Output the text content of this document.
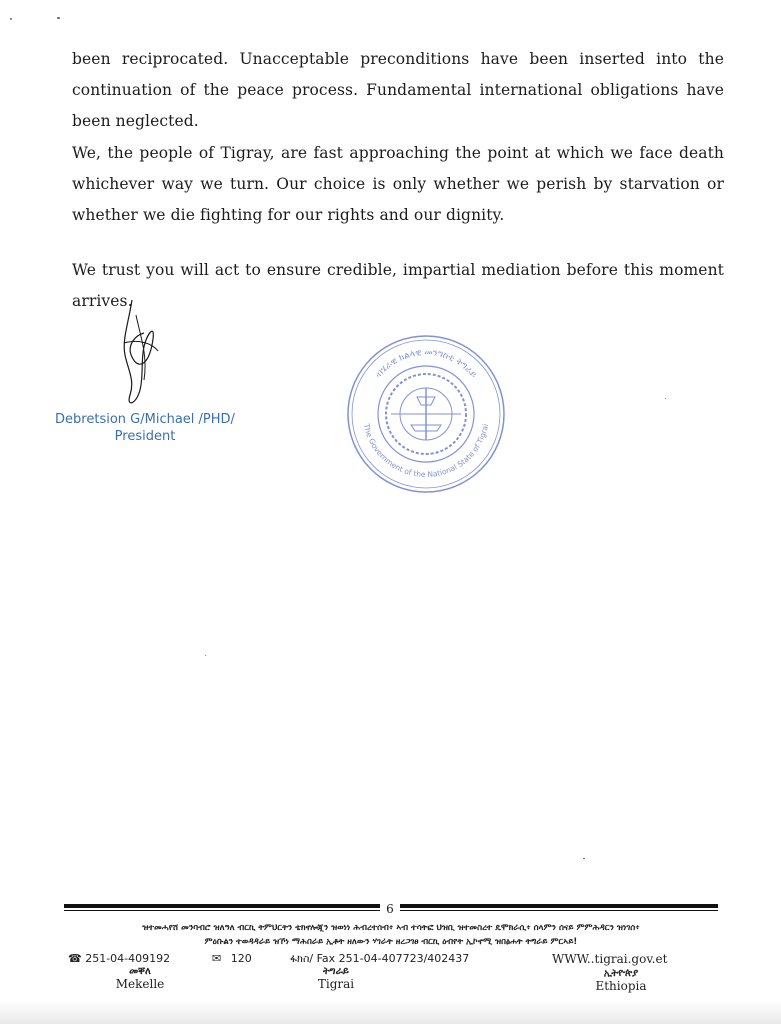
been reciprocated. Unacceptable preconditions have been inserted into the continuation of the peace process. Fundamental international obligations have been neglected.

We, the people of Tigray, are fast approaching the point at which we face death whichever way we turn. Our choice is only whether we perish by starvation or whether we die fighting for our rights and our dignity.

We trust you will act to ensure credible, impartial mediation before this moment arrives.

Debretsion G/Michael /PHD/
President
ብሄራዊ ክልላዊ መንግስቲ ትግራይ
The Government of the National State of Tigrai
6
ዝተመሓየሸ መንባብሮ ዝለዓለ ብርኪ ትምህርትን ቴክኖሎጂን ዝወነነ ሕብረተሰብ፥ ኣብ ተሳትፎ ህዝቢ ዝተመስረተ ዴሞክራሲ፥ ሰላምን ሰናይ ምምሕዳርን ዝነገሰ፥
ምዕቡልን ተወዳዳራይ ዝኾነ ማሕበራይ ኢቶት ዘለውን ሃገራት ዘረጋገፀ ብርኪ ዕብየት ኢኮኖሚ ዝበፅሐት ትግራይ ምርኣይ!
☎ 251-04-409192	✉ 120	ፋክስ/ Fax 251-04-407723/402437	WWW..tigrai.gov.et
መቐለ
Mekelle
ትግራይ
Tigrai
ኢትዮጵያ
Ethiopia
